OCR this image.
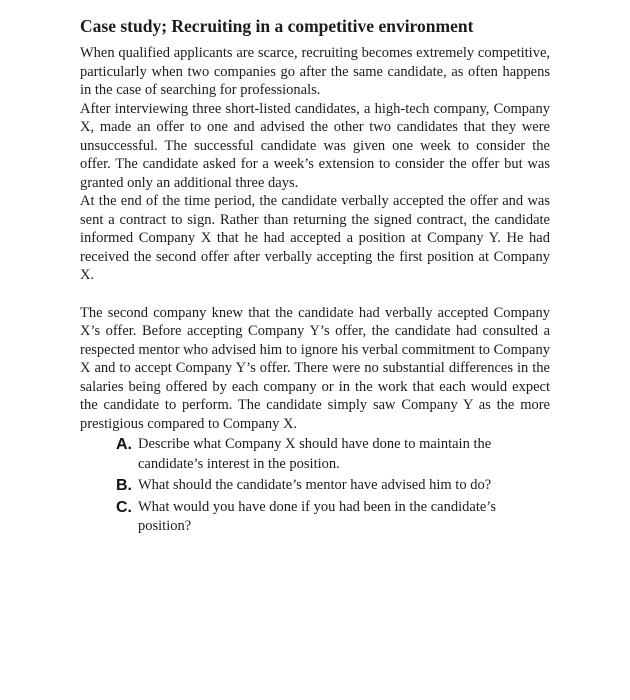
Case study; Recruiting in a competitive environment

When qualified applicants are scarce, recruiting becomes extremely competitive, particularly when two companies go after the same candidate, as often happens in the case of searching for professionals.

After interviewing three short-listed candidates, a high-tech company, Company X, made an offer to one and advised the other two candidates that they were unsuccessful. The successful candidate was given one week to consider the offer. The candidate asked for a week’s extension to consider the offer but was granted only an additional three days.

At the end of the time period, the candidate verbally accepted the offer and was sent a contract to sign. Rather than returning the signed contract, the candidate informed Company X that he had accepted a position at Company Y. He had received the second offer after verbally accepting the first position at Company X.

The second company knew that the candidate had verbally accepted Company X’s offer. Before accepting Company Y’s offer, the candidate had consulted a respected mentor who advised him to ignore his verbal commitment to Company X and to accept Company Y’s offer. There were no substantial differences in the salaries being offered by each company or in the work that each would expect the candidate to perform. The candidate simply saw Company Y as the more prestigious compared to Company X.

A. Describe what Company X should have done to maintain the candidate’s interest in the position.
B. What should the candidate’s mentor have advised him to do?
C. What would you have done if you had been in the candidate’s position?
